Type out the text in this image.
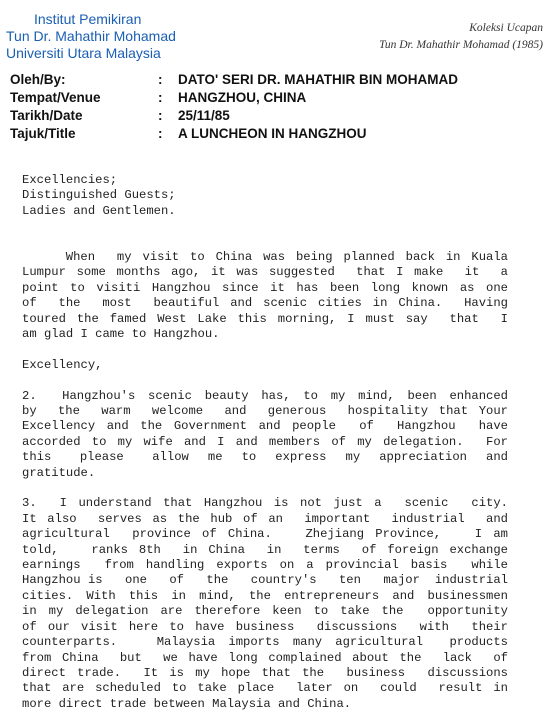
Institut Pemikiran
Tun Dr. Mahathir Mohamad
Universiti Utara Malaysia
Koleksi Ucapan
Tun Dr. Mahathir Mohamad (1985)
Oleh/By:	:	DATO' SERI DR. MAHATHIR BIN MOHAMAD
Tempat/Venue	:	HANGZHOU, CHINA
Tarikh/Date	:	25/11/85
Tajuk/Title	:	A LUNCHEON IN HANGZHOU
Excellencies;
Distinguished Guests;
Ladies and Gentlemen.
When  my visit to China was being planned back in Kuala
Lumpur some months ago, it was suggested  that I make  it  a
point to visiti Hangzhou since it has been long known as one
of  the  most  beautiful and scenic cities in China.  Having
toured the famed West Lake this morning, I must say  that  I
am glad I came to Hangzhou.
Excellency,
2.  Hangzhou's scenic beauty has, to my mind, been enhanced
by  the  warm  welcome  and  generous  hospitality that Your
Excellency and the Government and people  of  Hangzhou  have
accorded to my wife and I and members of my delegation.  For
this   please   allow  me  to  express  my  appreciation  and
gratitude.
3.  I understand that Hangzhou is not just a  scenic  city.
It also  serves as the hub of an  important  industrial  and
agricultural  province of China.   Zhejiang Province,   I am
told,   ranks 8th  in China  in  terms  of foreign exchange
earnings  from handling exports on a provincial basis  while
Hangzhou is   one   of   the   country's   ten   major  industrial
cities. With this in mind, the entrepreneurs and businessmen
in my delegation are therefore keen to take the  opportunity
of our visit here to have business  discussions  with  their
counterparts.   Malaysia imports many agricultural  products
from China  but  we have long complained about the  lack  of
direct trade.  It is my hope that the  business  discussions
that are scheduled to take place  later on  could  result in
more direct trade between Malaysia and China.
